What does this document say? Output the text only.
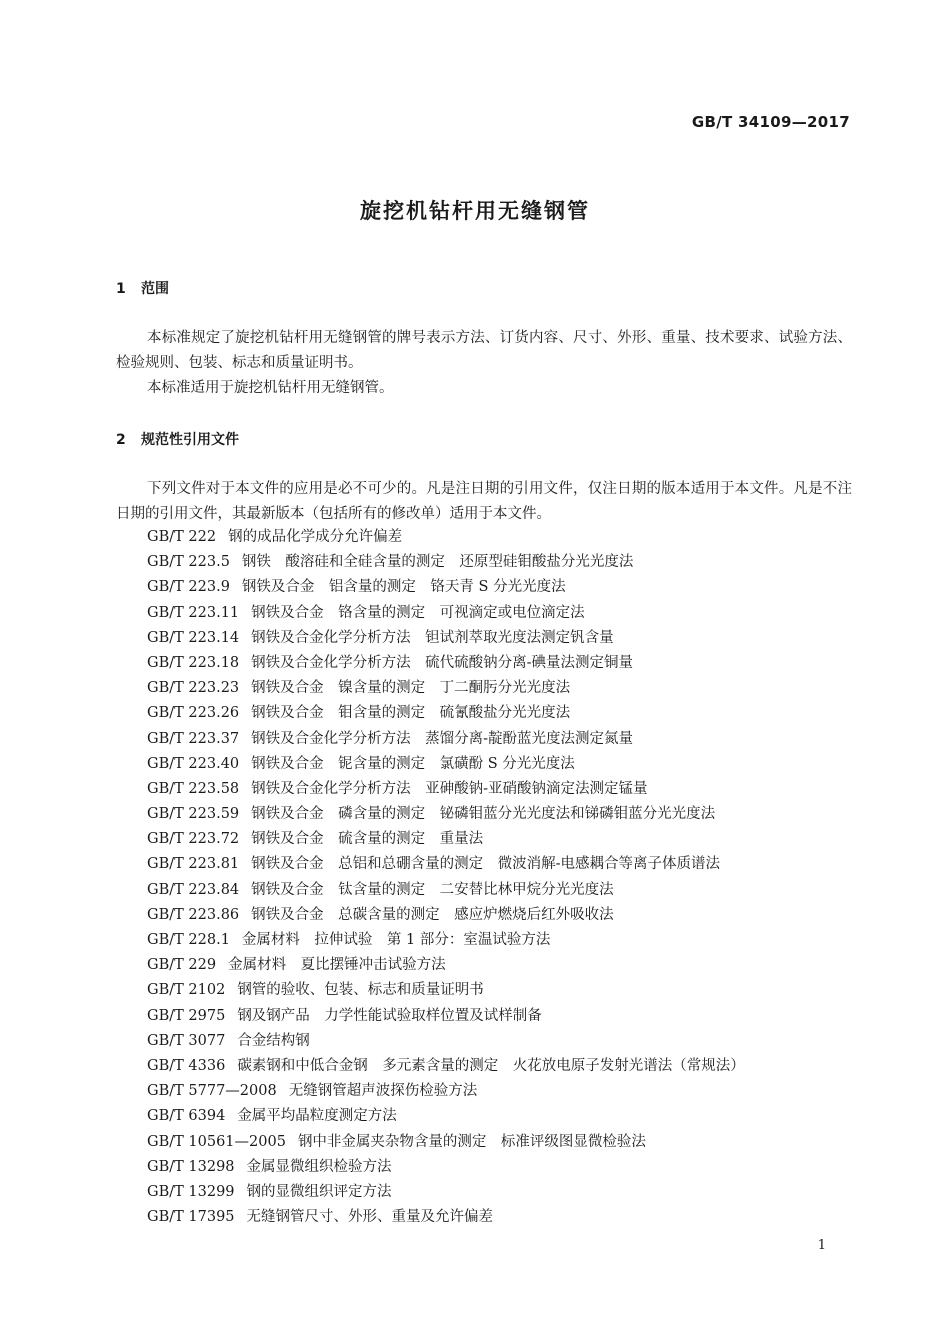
GB/T 34109—2017
旋挖机钻杆用无缝钢管
1 范围
本标准规定了旋挖机钻杆用无缝钢管的牌号表示方法、订货内容、尺寸、外形、重量、技术要求、试验方法、检验规则、包装、标志和质量证明书。
本标准适用于旋挖机钻杆用无缝钢管。
2 规范性引用文件
下列文件对于本文件的应用是必不可少的。凡是注日期的引用文件，仅注日期的版本适用于本文件。凡是不注日期的引用文件，其最新版本（包括所有的修改单）适用于本文件。
GB/T 222 钢的成品化学成分允许偏差
GB/T 223.5 钢铁　酸溶硅和全硅含量的测定　还原型硅钼酸盐分光光度法
GB/T 223.9 钢铁及合金　铝含量的测定　铬天青 S 分光光度法
GB/T 223.11 钢铁及合金　铬含量的测定　可视滴定或电位滴定法
GB/T 223.14 钢铁及合金化学分析方法　钽试剂萃取光度法测定钒含量
GB/T 223.18 钢铁及合金化学分析方法　硫代硫酸钠分离-碘量法测定铜量
GB/T 223.23 钢铁及合金　镍含量的测定　丁二酮肟分光光度法
GB/T 223.26 钢铁及合金　钼含量的测定　硫氰酸盐分光光度法
GB/T 223.37 钢铁及合金化学分析方法　蒸馏分离-靛酚蓝光度法测定氮量
GB/T 223.40 钢铁及合金　铌含量的测定　氯磺酚 S 分光光度法
GB/T 223.58 钢铁及合金化学分析方法　亚砷酸钠-亚硝酸钠滴定法测定锰量
GB/T 223.59 钢铁及合金　磷含量的测定　铋磷钼蓝分光光度法和锑磷钼蓝分光光度法
GB/T 223.72 钢铁及合金　硫含量的测定　重量法
GB/T 223.81 钢铁及合金　总铝和总硼含量的测定　微波消解-电感耦合等离子体质谱法
GB/T 223.84 钢铁及合金　钛含量的测定　二安替比林甲烷分光光度法
GB/T 223.86 钢铁及合金　总碳含量的测定　感应炉燃烧后红外吸收法
GB/T 228.1 金属材料　拉伸试验　第 1 部分：室温试验方法
GB/T 229 金属材料　夏比摆锤冲击试验方法
GB/T 2102 钢管的验收、包装、标志和质量证明书
GB/T 2975 钢及钢产品　力学性能试验取样位置及试样制备
GB/T 3077 合金结构钢
GB/T 4336 碳素钢和中低合金钢　多元素含量的测定　火花放电原子发射光谱法（常规法）
GB/T 5777—2008 无缝钢管超声波探伤检验方法
GB/T 6394 金属平均晶粒度测定方法
GB/T 10561—2005 钢中非金属夹杂物含量的测定　标准评级图显微检验法
GB/T 13298 金属显微组织检验方法
GB/T 13299 钢的显微组织评定方法
GB/T 17395 无缝钢管尺寸、外形、重量及允许偏差
1
